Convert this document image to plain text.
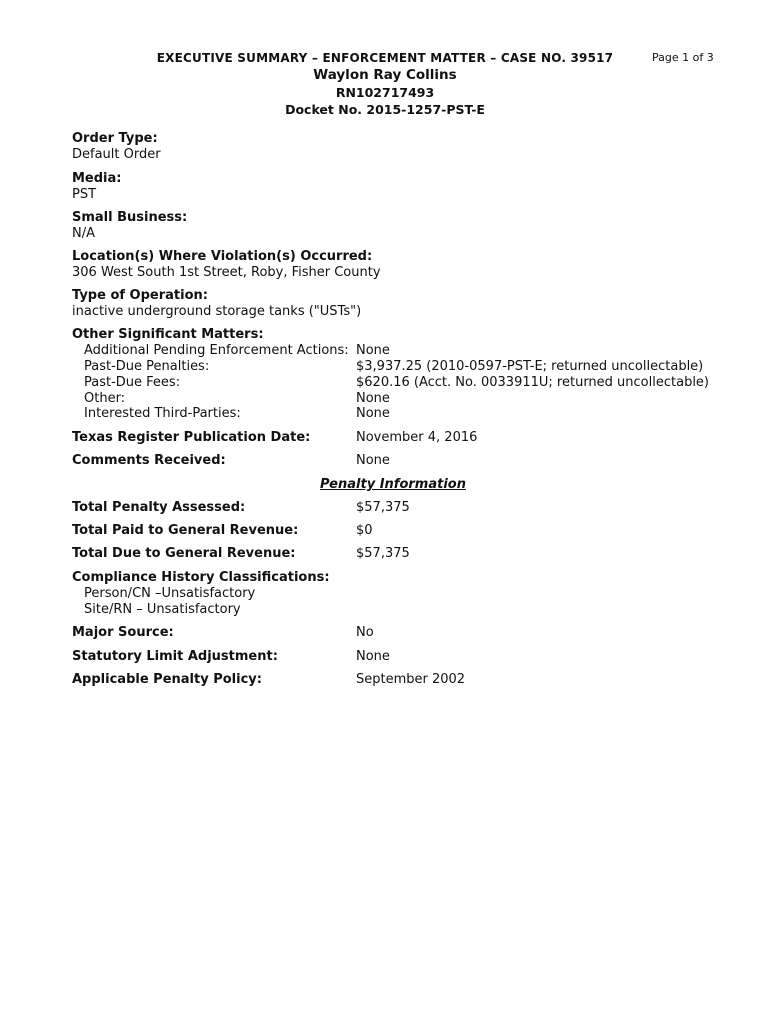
EXECUTIVE SUMMARY – ENFORCEMENT MATTER – CASE NO. 39517
Waylon Ray Collins
RN102717493
Docket No. 2015-1257-PST-E
Page 1 of 3
Order Type:
Default Order
Media:
PST
Small Business:
N/A
Location(s) Where Violation(s) Occurred:
306 West South 1st Street, Roby, Fisher County
Type of Operation:
inactive underground storage tanks ("USTs")
Other Significant Matters:
Additional Pending Enforcement Actions: None
Past-Due Penalties:	$3,937.25 (2010-0597-PST-E; returned uncollectable)
Past-Due Fees:	$620.16 (Acct. No. 0033911U; returned uncollectable)
Other:	None
Interested Third-Parties:	None
Texas Register Publication Date:	November 4, 2016
Comments Received:	None
Penalty Information
Total Penalty Assessed:	$57,375
Total Paid to General Revenue:	$0
Total Due to General Revenue:	$57,375
Compliance History Classifications:
Person/CN –Unsatisfactory
Site/RN – Unsatisfactory
Major Source:	No
Statutory Limit Adjustment:	None
Applicable Penalty Policy:	September 2002
